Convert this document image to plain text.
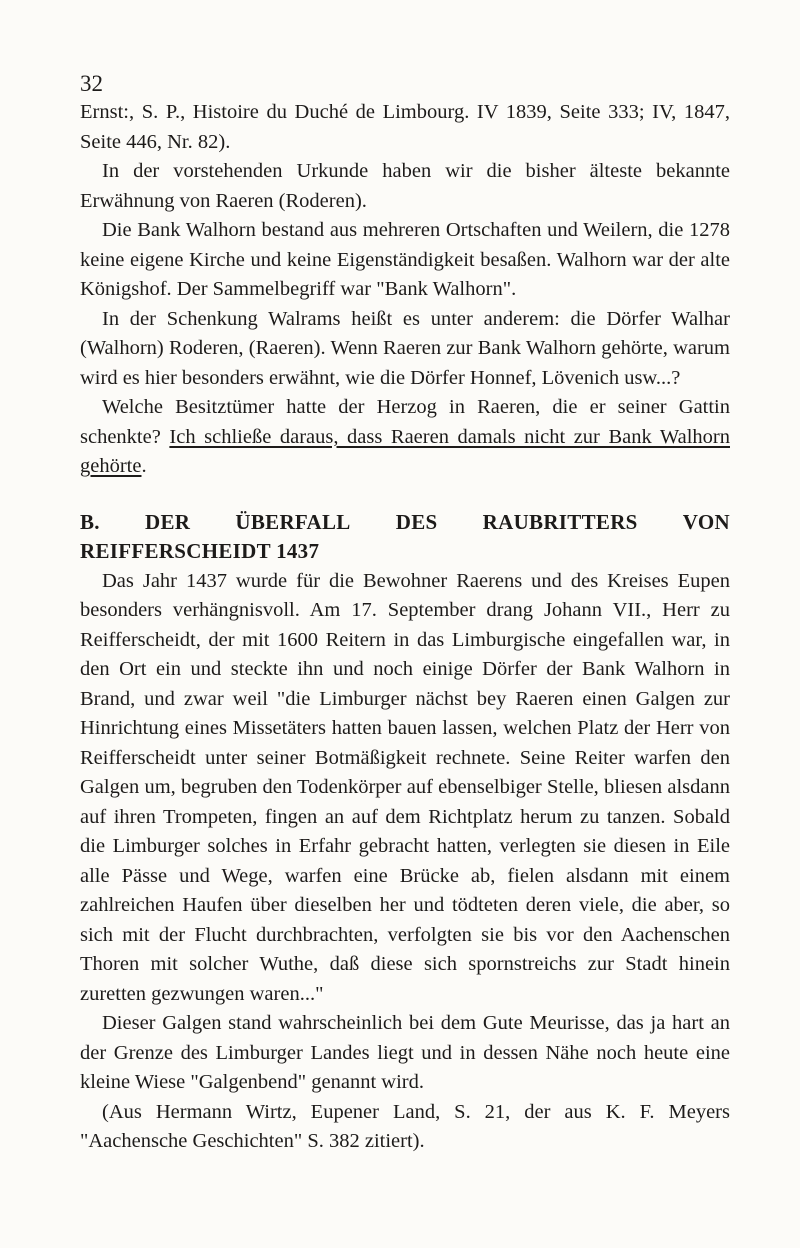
32

Ernst:, S. P., Histoire du Duché de Limbourg. IV 1839, Seite 333; IV, 1847, Seite 446, Nr. 82).

In der vorstehenden Urkunde haben wir die bisher älteste bekannte Erwähnung von Raeren (Roderen).

Die Bank Walhorn bestand aus mehreren Ortschaften und Weilern, die 1278 keine eigene Kirche und keine Eigenständigkeit besaßen. Walhorn war der alte Königshof. Der Sammelbegriff war "Bank Walhorn".

In der Schenkung Walrams heißt es unter anderem: die Dörfer Walhar (Walhorn) Roderen, (Raeren). Wenn Raeren zur Bank Walhorn gehörte, warum wird es hier besonders erwähnt, wie die Dörfer Honnef, Lövenich usw...?

Welche Besitztümer hatte der Herzog in Raeren, die er seiner Gattin schenkte? Ich schließe daraus, dass Raeren damals nicht zur Bank Walhorn gehörte.

B. DER ÜBERFALL DES RAUBRITTERS VON
REIFFERSCHEIDT 1437

Das Jahr 1437 wurde für die Bewohner Raerens und des Kreises Eupen besonders verhängnisvoll. Am 17. September drang Johann VII., Herr zu Reifferscheidt, der mit 1600 Reitern in das Limburgische eingefallen war, in den Ort ein und steckte ihn und noch einige Dörfer der Bank Walhorn in Brand, und zwar weil "die Limburger nächst bey Raeren einen Galgen zur Hinrichtung eines Missetäters hatten bauen lassen, welchen Platz der Herr von Reifferscheidt unter seiner Botmäßigkeit rechnete. Seine Reiter warfen den Galgen um, begruben den Todenkörper auf ebenselbiger Stelle, bliesen alsdann auf ihren Trompeten, fingen an auf dem Richtplatz herum zu tanzen. Sobald die Limburger solches in Erfahr gebracht hatten, verlegten sie diesen in Eile alle Pässe und Wege, warfen eine Brücke ab, fielen alsdann mit einem zahlreichen Haufen über dieselben her und tödteten deren viele, die aber, so sich mit der Flucht durchbrachten, verfolgten sie bis vor den Aachenschen Thoren mit solcher Wuthe, daß diese sich spornstreichs zur Stadt hinein zuretten gezwungen waren..."

Dieser Galgen stand wahrscheinlich bei dem Gute Meurisse, das ja hart an der Grenze des Limburger Landes liegt und in dessen Nähe noch heute eine kleine Wiese "Galgenbend" genannt wird.

(Aus Hermann Wirtz, Eupener Land, S. 21, der aus K. F. Meyers "Aachensche Geschichten" S. 382 zitiert).
